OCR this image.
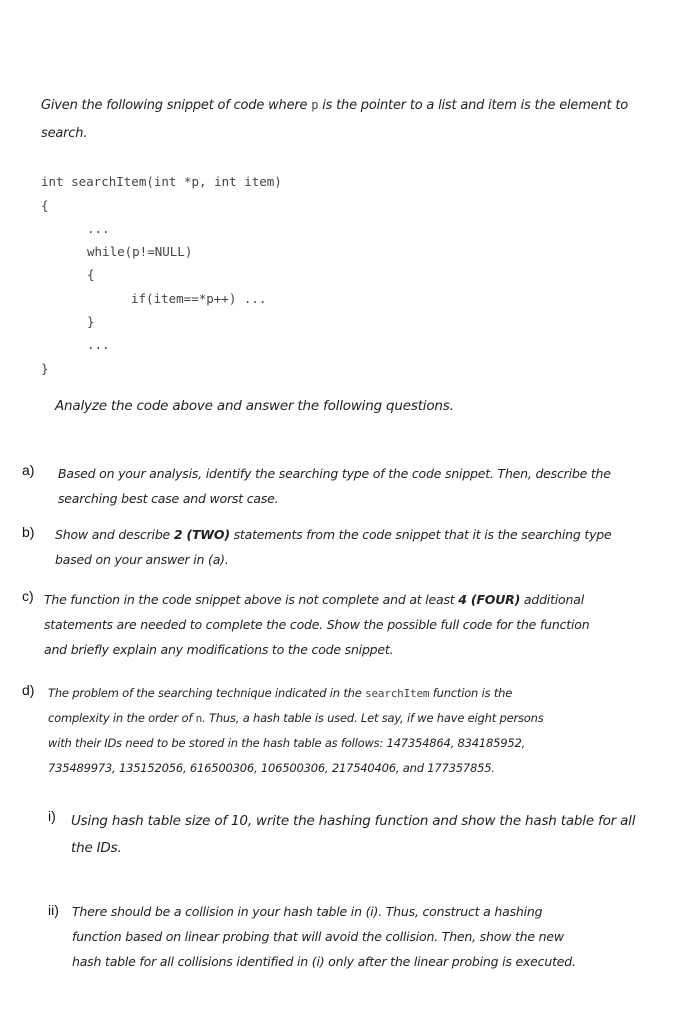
Given the following snippet of code where p is the pointer to a list and item is the element to
search.
int searchItem(int *p, int item)
{
...
while(p!=NULL)
{
if(item==*p++) ...
}
...
}
Analyze the code above and answer the following questions.
a) Based on your analysis, identify the searching type of the code snippet. Then, describe the
searching best case and worst case.
b) Show and describe 2 (TWO) statements from the code snippet that it is the searching type
based on your answer in (a).
c) The function in the code snippet above is not complete and at least 4 (FOUR) additional
statements are needed to complete the code. Show the possible full code for the function
and briefly explain any modifications to the code snippet.
d) The problem of the searching technique indicated in the searchItem function is the
complexity in the order of n. Thus, a hash table is used. Let say, if we have eight persons
with their IDs need to be stored in the hash table as follows: 147354864, 834185952,
735489973, 135152056, 616500306, 106500306, 217540406, and 177357855.
i) Using hash table size of 10, write the hashing function and show the hash table for all
the IDs.
ii) There should be a collision in your hash table in (i). Thus, construct a hashing
function based on linear probing that will avoid the collision. Then, show the new
hash table for all collisions identified in (i) only after the linear probing is executed.
